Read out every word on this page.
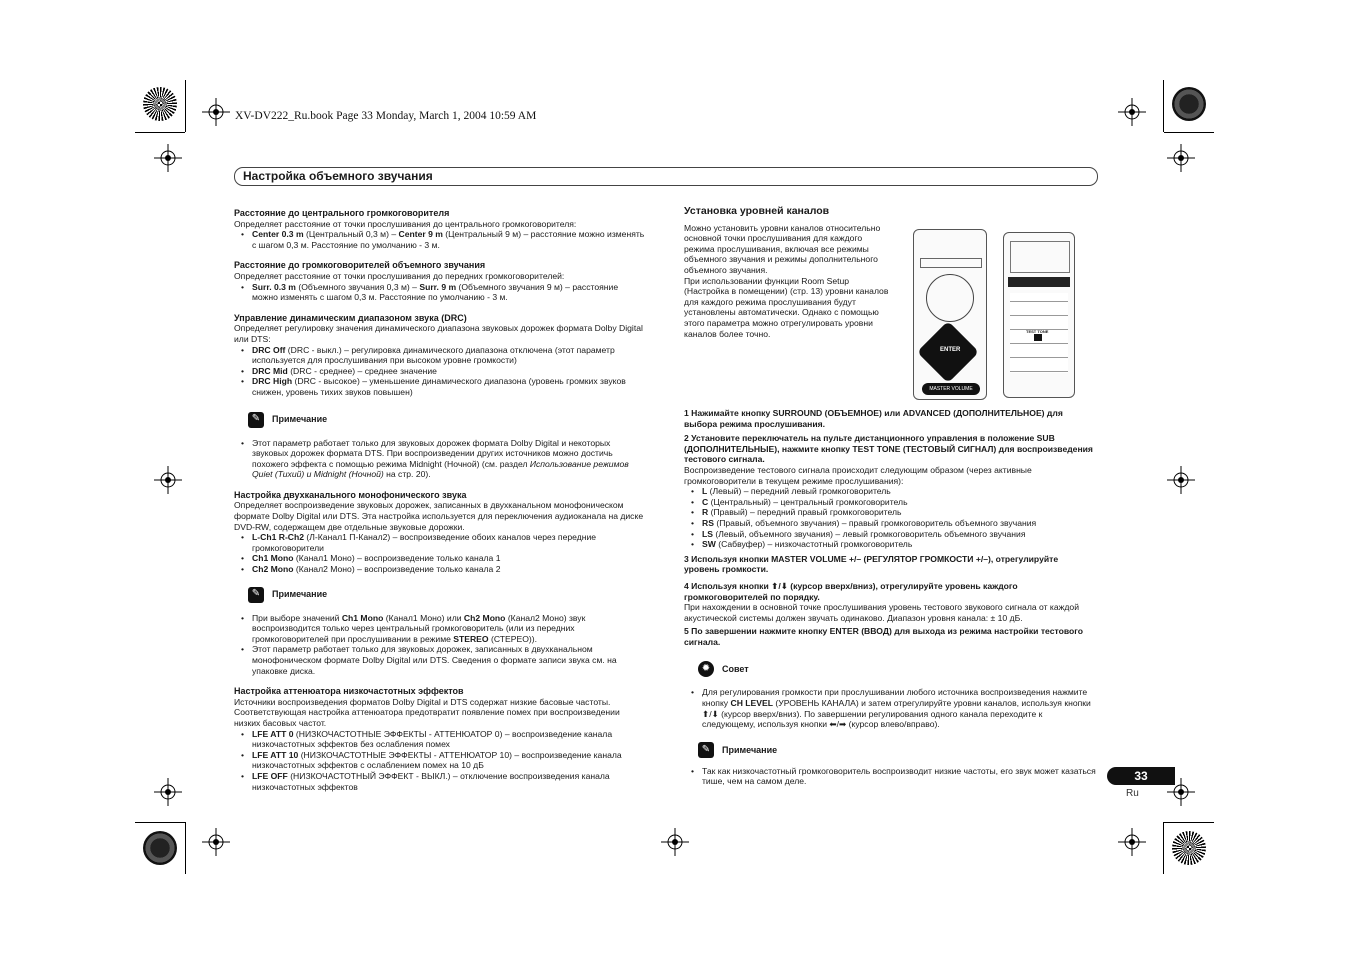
XV-DV222_Ru.book Page 33 Monday, March 1, 2004 10:59 AM
Настройка объемного звучания
Расстояние до центрального громкоговорителя

Определяет расстояние от точки прослушивания до центрального громкоговорителя:

• Center 0.3 m (Центральный 0,3 м) – Center 9 m (Центральный 9 м) – расстояние можно изменять с шагом 0,3 м. Расстояние по умолчанию - 3 м.
Расстояние до громкоговорителей объемного звучания

Определяет расстояние от точки прослушивания до передних громкоговорителей:

• Surr. 0.3 m (Объемного звучания 0,3 м) – Surr. 9 m (Объемного звучания 9 м) – расстояние можно изменять с шагом 0,3 м. Расстояние по умолчанию - 3 м.
Управление динамическим диапазоном звука (DRC)

Определяет регулировку значения динамического диапазона звуковых дорожек формата Dolby Digital или DTS:

• DRC Off (DRC - выкл.) – регулировка динамического диапазона отключена (этот параметр используется для прослушивания при высоком уровне громкости)
• DRC Mid (DRC - среднее) – среднее значение
• DRC High (DRC - высокое) – уменьшение динамического диапазона (уровень громких звуков снижен, уровень тихих звуков повышен)
✎	Примечание
• Этот параметр работает только для звуковых дорожек формата Dolby Digital и некоторых звуковых дорожек формата DTS. При воспроизведении других источников можно достичь похожего эффекта с помощью режима Midnight (Ночной) (см. раздел Использование режимов Quiet (Тихий) и Midnight (Ночной) на стр. 20).
Настройка двухканального монофонического звука

Определяет воспроизведение звуковых дорожек, записанных в двухканальном монофоническом формате Dolby Digital или DTS. Эта настройка используется для переключения аудиоканала на диске DVD-RW, содержащем две отдельные звуковые дорожки.

• L-Ch1 R-Ch2 (Л-Канал1 П-Канал2) – воспроизведение обоих каналов через передние громкоговорители
• Ch1 Mono (Канал1 Моно) – воспроизведение только канала 1
• Ch2 Mono (Канал2 Моно) – воспроизведение только канала 2
✎	Примечание
• При выборе значений Ch1 Mono (Канал1 Моно) или Ch2 Mono (Канал2 Моно) звук воспроизводится только через центральный громкоговоритель (или из передних громкоговорителей при прослушивании в режиме STEREO (СТЕРЕО)).
• Этот параметр работает только для звуковых дорожек, записанных в двухканальном монофоническом формате Dolby Digital или DTS. Сведения о формате записи звука см. на упаковке диска.
Настройка аттенюатора низкочастотных эффектов

Источники воспроизведения форматов Dolby Digital и DTS содержат низкие басовые частоты. Соответствующая настройка аттенюатора предотвратит появление помех при воспроизведении низких басовых частот.

• LFE ATT 0 (НИЗКОЧАСТОТНЫЕ ЭФФЕКТЫ - АТТЕНЮАТОР 0) – воспроизведение канала низкочастотных эффектов без ослабления помех
• LFE ATT 10 (НИЗКОЧАСТОТНЫЕ ЭФФЕКТЫ - АТТЕНЮАТОР 10) – воспроизведение канала низкочастотных эффектов с ослаблением помех на 10 дБ
• LFE OFF (НИЗКОЧАСТОТНЫЙ ЭФФЕКТ - ВЫКЛ.) – отключение воспроизведения канала низкочастотных эффектов
Установка уровней каналов

Можно установить уровни каналов относительно основной точки прослушивания для каждого режима прослушивания, включая все режимы объемного звучания и режимы дополнительного объемного звучания.

При использовании функции Room Setup (Настройка в помещении) (стр. 13) уровни каналов для каждого режима прослушивания будут установлены автоматически. Однако с помощью этого параметра можно отрегулировать уровни каналов более точно.

ENTER
MASTER VOLUME
TEST TONE

1 Нажимайте кнопку SURROUND (ОБЪЕМНОЕ) или ADVANCED (ДОПОЛНИТЕЛЬНОЕ) для выбора режима прослушивания.

2 Установите переключатель на пульте дистанционного управления в положение SUB (ДОПОЛНИТЕЛЬНЫЕ), нажмите кнопку TEST TONE (ТЕСТОВЫЙ СИГНАЛ) для воспроизведения тестового сигнала.

Воспроизведение тестового сигнала происходит следующим образом (через активные громкоговорители в текущем режиме прослушивания):

• L (Левый) – передний левый громкоговоритель
• C (Центральный) – центральный громкоговоритель
• R (Правый) – передний правый громкоговоритель
• RS (Правый, объемного звучания) – правый громкоговоритель объемного звучания
• LS (Левый, объемного звучания) – левый громкоговоритель объемного звучания
• SW (Сабвуфер) – низкочастотный громкоговоритель

3 Используя кнопки MASTER VOLUME +/– (РЕГУЛЯТОР ГРОМКОСТИ +/–), отрегулируйте уровень громкости.

4 Используя кнопки ⬆/⬇ (курсор вверх/вниз), отрегулируйте уровень каждого громкоговорителей по порядку.

При нахождении в основной точке прослушивания уровень тестового звукового сигнала от каждой акустической системы должен звучать одинаково. Диапазон уровня канала: ± 10 дБ.

5 По завершении нажмите кнопку ENTER (ВВОД) для выхода из режима настройки тестового сигнала.

✹	Совет
• Для регулирования громкости при прослушивании любого источника воспроизведения нажмите кнопку CH LEVEL (УРОВЕНЬ КАНАЛА) и затем отрегулируйте уровни каналов, используя кнопки ⬆/⬇ (курсор вверх/вниз). По завершении регулирования одного канала переходите к следующему, используя кнопки ⬅/➡ (курсор влево/вправо).
✎	Примечание
• Так как низкочастотный громкоговоритель воспроизводит низкие частоты, его звук может казаться тише, чем на самом деле.	33
Ru
